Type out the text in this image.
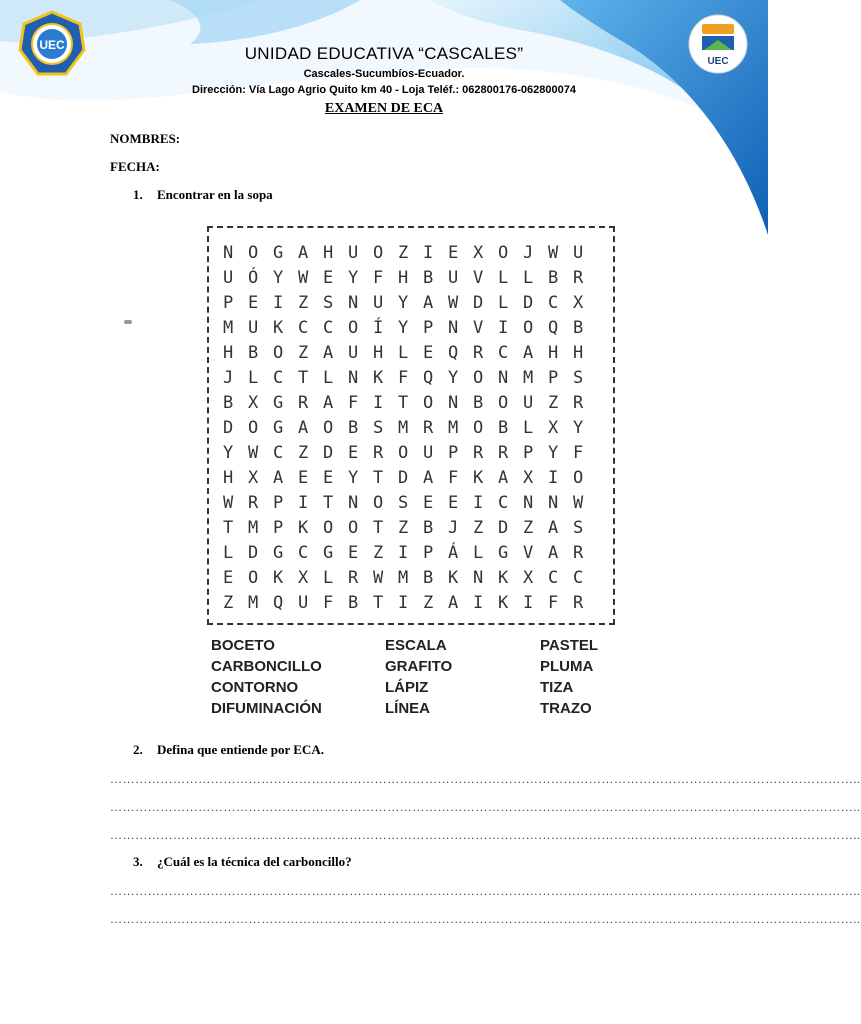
UEC
UEC
UNIDAD EDUCATIVA “CASCALES”
Cascales-Sucumbíos-Ecuador.
Dirección: Vía Lago Agrio Quito km 40 - Loja Teléf.: 062800176-062800074
EXAMEN DE ECA
NOMBRES:
FECHA:
1. Encontrar en la sopa
N O G A H U O Z I E X O J W U
U Ó Y W E Y F H B U V L L B R
P E I Z S N U Y A W D L D C X
M U K C C O Í Y P N V I O Q B
H B O Z A U H L E Q R C A H H
J L C T L N K F Q Y O N M P S
B X G R A F I T O N B O U Z R
D O G A O B S M R M O B L X Y
Y W C Z D E R O U P R R P Y F
H X A E E Y T D A F K A X I O
W R P I T N O S E E I C N N W
T M P K O O T Z B J Z D Z A S
L D G C G E Z I P Á L G V A R
E O K X L R W M B K N K X C C
Z M Q U F B T I Z A I K I F R
BOCETO
CARBONCILLO
CONTORNO
DIFUMINACIÓN
ESCALA
GRAFITO
LÁPIZ
LÍNEA
PASTEL
PLUMA
TIZA
TRAZO
2. Defina que entiende por ECA.
……………………………………………………………………………………………………………………………………………………………..
……………………………………………………………………………………………………………………………………………………………..
……………………………………………………………………………………………………………………………………………………………..
3. ¿Cuál es la técnica del carboncillo?
……………………………………………………………………………………………………………………………………………………………..
……………………………………………………………………………………………………………………………………………………………..
